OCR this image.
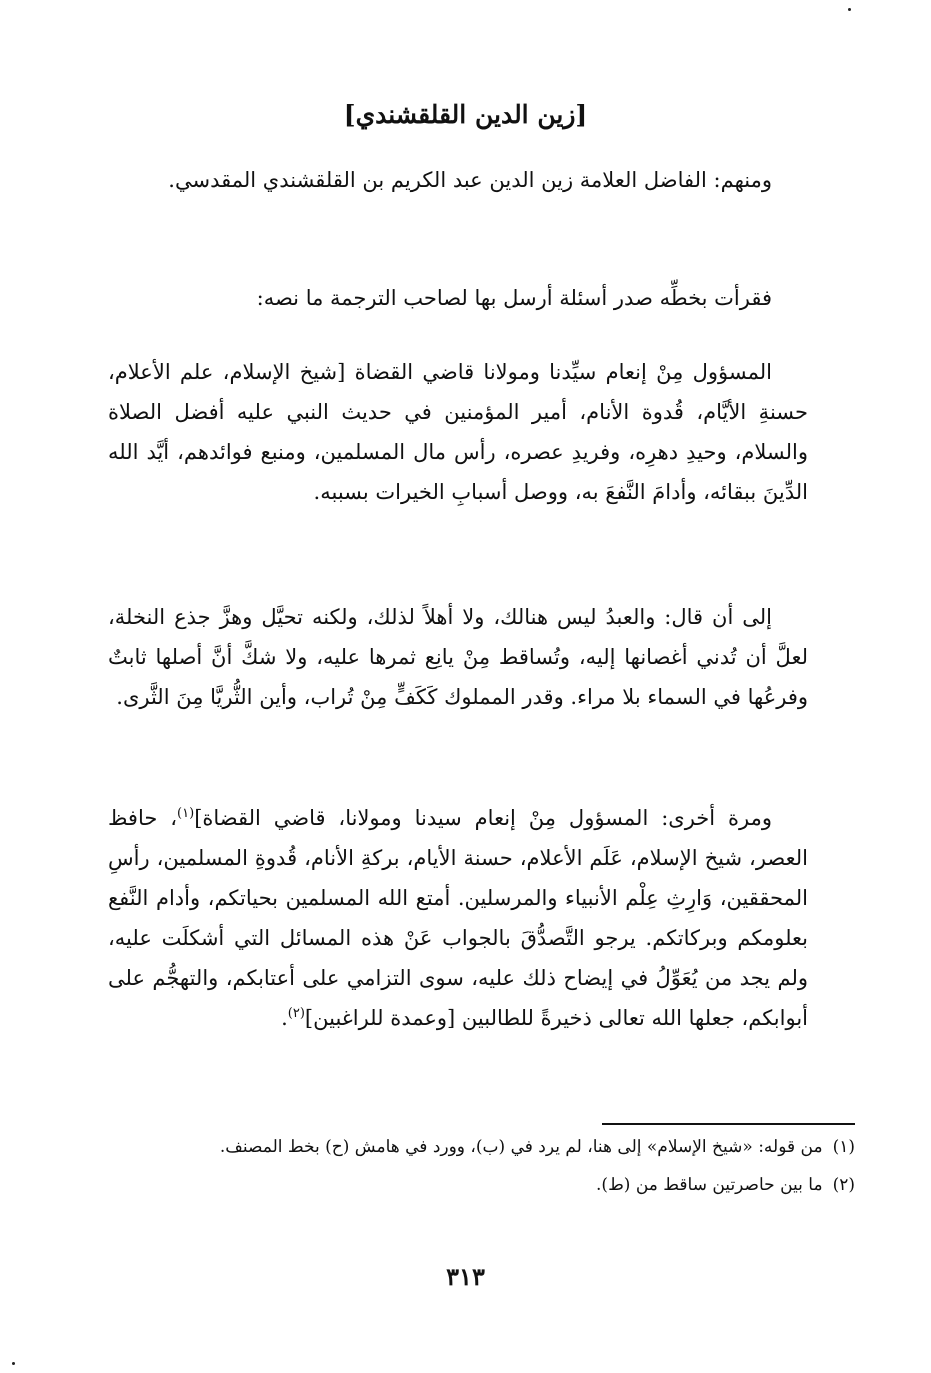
[زين الدين القلقشندي]
ومنهم: الفاضل العلامة زين الدين عبد الكريم بن القلقشندي المقدسي.
فقرأت بخطِّه صدر أسئلة أرسل بها لصاحب الترجمة ما نصه:
المسؤول مِنْ إنعام سيِّدنا ومولانا قاضي القضاة [شيخ الإسلام، علم الأعلام، حسنةِ الأيَّام، قُدوة الأنام، أمير المؤمنين في حديث النبي عليه أفضل الصلاة والسلام، وحيدِ دهرِه، وفريدِ عصره، رأس مال المسلمين، ومنبع فوائدهم، أيَّد الله الدِّينَ ببقائه، وأدامَ النَّفعَ به، ووصل أسبابِ الخيرات بسببه.
إلى أن قال: والعبدُ ليس هنالك، ولا أهلاً لذلك، ولكنه تحيَّل وهزَّ جذع النخلة، لعلَّ أن تُدني أغصانها إليه، وتُساقط مِنْ يانِع ثمرها عليه، ولا شكَّ أنَّ أصلها ثابتٌ وفرعُها في السماء بلا مراء. وقدر المملوك كَكَفٍّ مِنْ تُراب، وأين الثُّريَّا مِنَ الثَّرى.
ومرة أخرى: المسؤول مِنْ إنعام سيدنا ومولانا، قاضي القضاة]$^{(١)}$، حافظ العصر، شيخ الإسلام، عَلَم الأعلام، حسنة الأيام، بركةِ الأنام، قُدوةِ المسلمين، رأسِ المحققين، وَارِثِ عِلْم الأنبياء والمرسلين. أمتع الله المسلمين بحياتكم، وأدام النَّفع بعلومكم وبركاتكم. يرجو التَّصدُّقَ بالجواب عَنْ هذه المسائل التي أشكلَت عليه، ولم يجد من يُعَوِّلُ في إيضاح ذلك عليه، سوى التزامي على أعتابكم، والتهجُّم على أبوابكم، جعلها الله تعالى ذخيرةً للطالبين [وعمدة للراغبين]$^{(٢)}$.
(١)
من قوله: «شيخ الإسلام» إلى هنا، لم يرد في (ب)، وورد في هامش (ح) بخط المصنف.
(٢)
ما بين حاصرتين ساقط من (ط).
٣١٣
